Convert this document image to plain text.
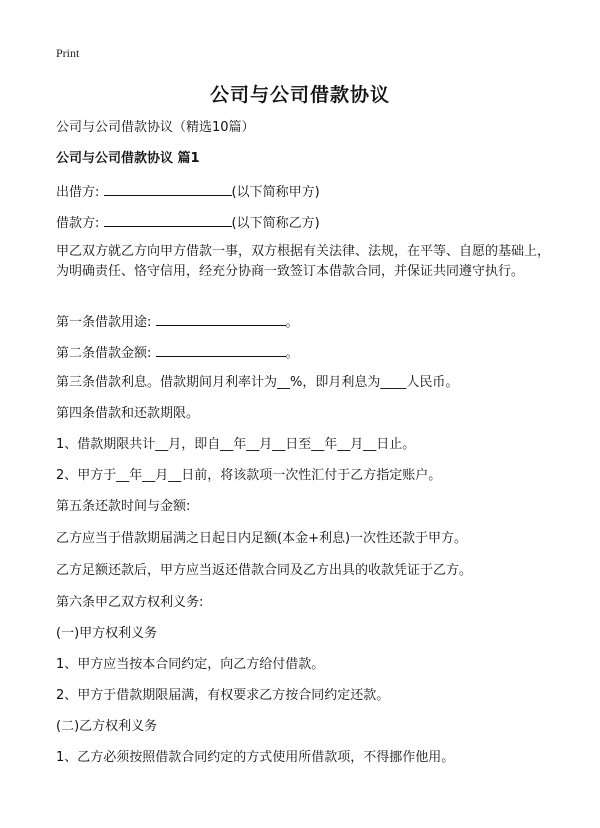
Print
公司与公司借款协议
公司与公司借款协议（精选10篇）
公司与公司借款协议 篇1
出借方:	(以下简称甲方)
借款方:	(以下简称乙方)
甲乙双方就乙方向甲方借款一事，双方根据有关法律、法规，在平等、自愿的基础上，为明确责任、恪守信用，经充分协商一致签订本借款合同，并保证共同遵守执行。
第一条借款用途:	。
第二条借款金额:	。
第三条借款利息。借款期间月利率计为__%，即月利息为____人民币。
第四条借款和还款期限。
1、借款期限共计__月，即自__年__月__日至__年__月__日止。
2、甲方于__年__月__日前，将该款项一次性汇付于乙方指定账户。
第五条还款时间与金额:
乙方应当于借款期届满之日起日内足额(本金+利息)一次性还款于甲方。
乙方足额还款后，甲方应当返还借款合同及乙方出具的收款凭证于乙方。
第六条甲乙双方权利义务:
(一)甲方权利义务
1、甲方应当按本合同约定，向乙方给付借款。
2、甲方于借款期限届满，有权要求乙方按合同约定还款。
(二)乙方权利义务
1、乙方必须按照借款合同约定的方式使用所借款项，不得挪作他用。
